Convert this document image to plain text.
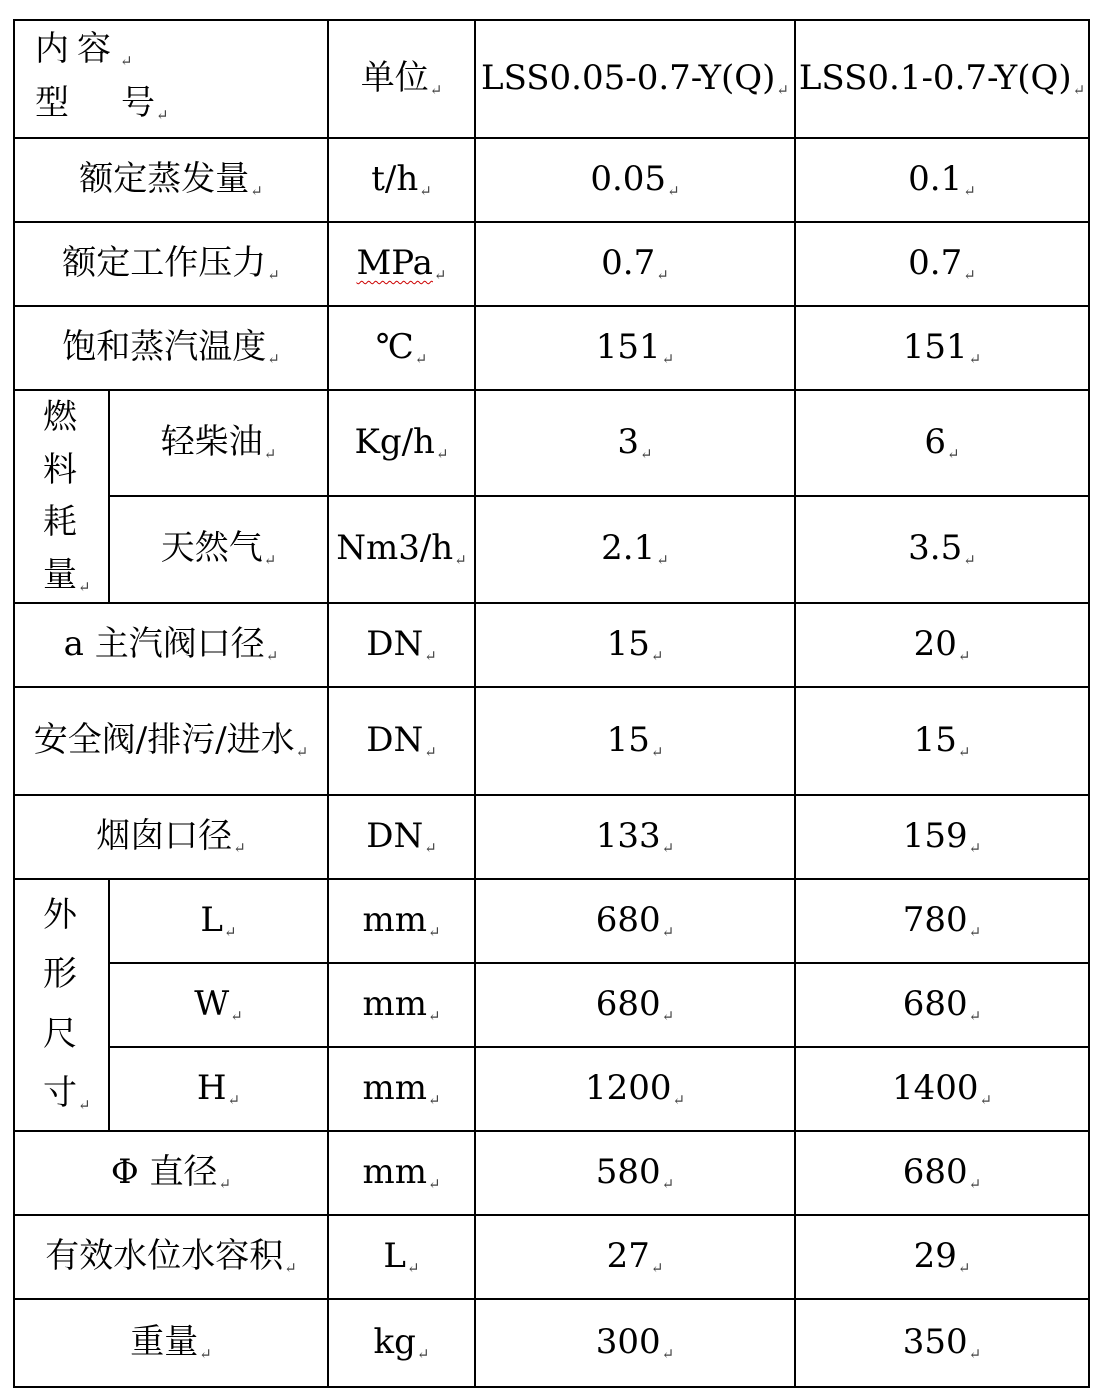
内容↵
型 号↵		单位↵	LSS0.05-0.7-Y(Q)↵	LSS0.1-0.7-Y(Q)↵
额定蒸发量↵		t/h↵	0.05↵	0.1↵
额定工作压力↵		MPa↵	0.7↵	0.7↵
饱和蒸汽温度↵		℃↵	151↵	151↵

燃料
耗量↵	轻柴油↵	Kg/h↵	3↵	6↵
	天然气↵	Nm3/h↵	2.1↵	3.5↵
a 主汽阀口径↵		DN↵	15↵	20↵
安全阀/排污/进水↵		DN↵	15↵	15↵
烟囱口径↵		DN↵	133↵	159↵

外
形
尺
寸↵	L↵	mm↵	680↵	780↵
	W↵	mm↵	680↵	680↵
	H↵	mm↵	1200↵	1400↵
Φ 直径↵		mm↵	580↵	680↵
有效水位水容积↵		L↵	27↵	29↵
重量↵		kg↵	300↵	350↵
